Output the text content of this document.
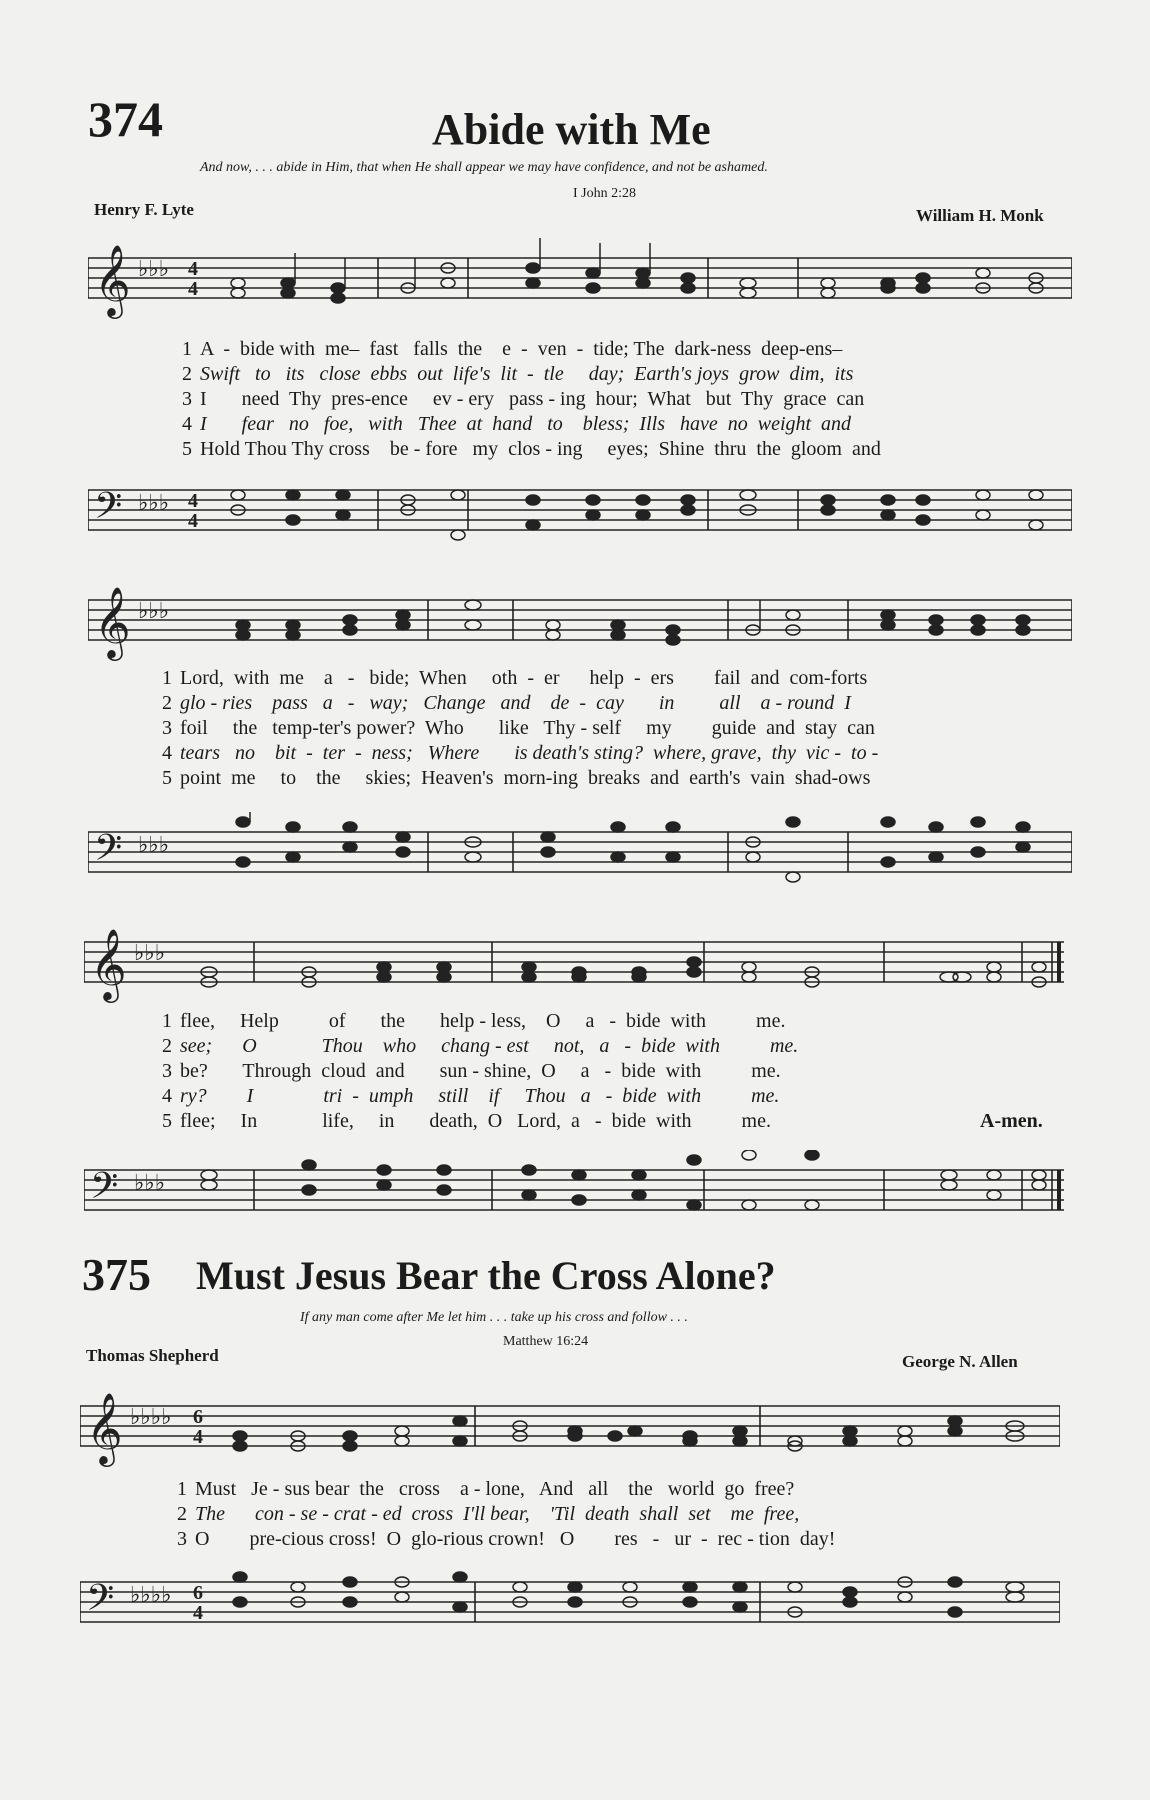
374	Abide with Me
And now, . . . abide in Him, that when He shall appear we may have confidence, and not be ashamed.
I John 2:28
Henry F. Lyte	William H. Monk
𝄞 ♭♭♭ 4
4
1 A  -  bide with  me–  fast   falls  the    e  -  ven  -  tide; The  dark-ness  deep-ens–
2 Swift   to   its   close  ebbs  out  life's  lit  -  tle     day;  Earth's joys  grow  dim,  its
3 I       need  Thy  pres-ence     ev - ery   pass - ing  hour;  What   but  Thy  grace  can
4 I       fear   no   foe,   with   Thee  at  hand   to    bless;  Ills   have  no  weight  and
5 Hold Thou Thy cross    be - fore   my  clos - ing     eyes;  Shine  thru  the  gloom  and
𝄢 ♭♭♭ 4
4
𝄞 ♭♭♭
1 Lord,  with  me    a   -   bide;  When     oth  -  er      help  -  ers        fail  and  com-forts
2 glo - ries    pass   a   -   way;   Change   and    de  -  cay       in         all    a - round  I
3 foil     the   temp-ter's power?  Who       like   Thy - self     my        guide  and  stay  can
4 tears   no    bit  -  ter  -  ness;   Where       is death's sting?  where, grave,  thy  vic -  to -
5 point  me     to    the     skies;  Heaven's  morn-ing  breaks  and  earth's  vain  shad-ows
𝄢 ♭♭♭
𝄞 ♭♭♭
1 flee,     Help          of       the       help - less,    O     a   -  bide  with          me.
2 see;      O             Thou    who     chang - est     not,   a   -  bide  with          me.
3 be?       Through  cloud  and       sun - shine,  O     a   -  bide  with          me.
4 ry?        I              tri  -  umph     still    if     Thou   a   -  bide  with          me.
5 flee;     In             life,     in       death,  O   Lord,  a   -  bide  with          me.	A-men.
𝄢 ♭♭♭
375 Must Jesus Bear the Cross Alone?
If any man come after Me let him . . . take up his cross and follow . . .
Matthew 16:24
Thomas Shepherd	George N. Allen
𝄞 ♭♭♭♭ 6
4
1 Must   Je - sus bear  the   cross    a - lone,   And   all    the   world  go  free?
2 The      con - se - crat - ed  cross  I'll bear,    'Til  death  shall  set    me  free,
3 O        pre-cious cross!  O  glo-rious crown!   O        res   -   ur  -  rec - tion  day!
𝄢 ♭♭♭♭ 6
4
